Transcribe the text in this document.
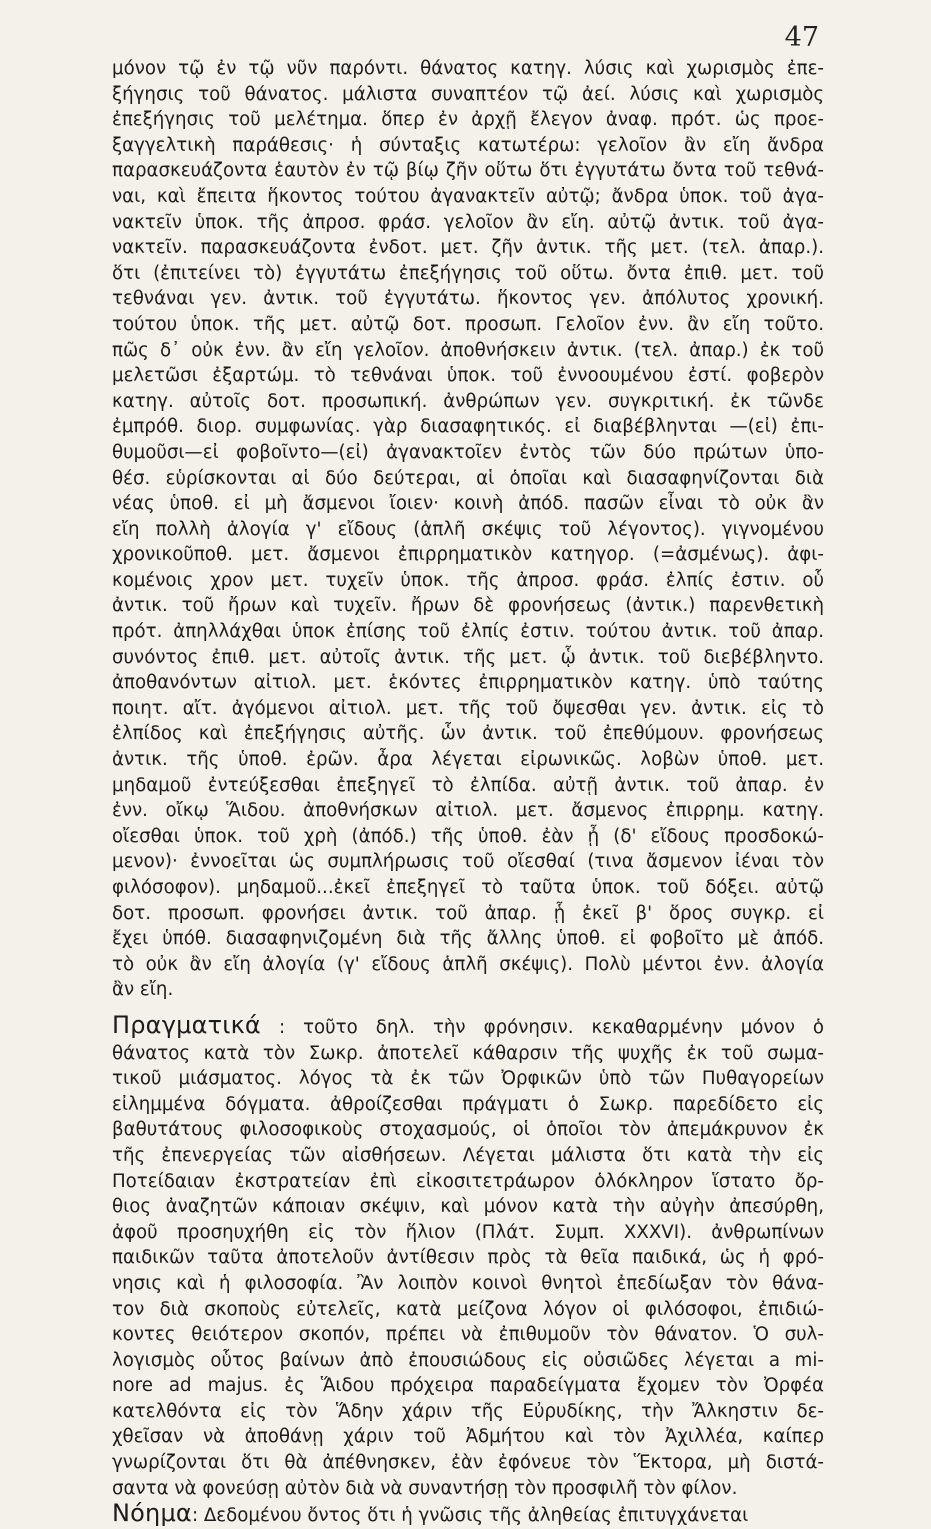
47

μόνον τῷ ἐν τῷ νῦν παρόντι. θάνατος κατηγ. λύσις καὶ χωρισμὸς ἐπε-
ξήγησις τοῦ θάνατος. μάλιστα συναπτέον τῷ ἀεί. λύσις καὶ χωρισμὸς
ἐπεξήγησις τοῦ μελέτημα. ὅπερ ἐν ἀρχῇ ἔλεγον ἀναφ. πρότ. ὡς προε-
ξαγγελτικὴ παράθεσις· ἡ σύνταξις κατωτέρω: γελοῖον ἂν εἴη ἄνδρα
παρασκευάζοντα ἑαυτὸν ἐν τῷ βίῳ ζῆν οὕτω ὅτι ἐγγυτάτω ὄντα τοῦ τεθνά-
ναι, καὶ ἔπειτα ἥκοντος τούτου ἀγανακτεῖν αὐτῷ; ἄνδρα ὑποκ. τοῦ ἀγα-
νακτεῖν ὑποκ. τῆς ἀπροσ. φράσ. γελοῖον ἂν εἴη. αὐτῷ ἀντικ. τοῦ ἀγα-
νακτεῖν. παρασκευάζοντα ἐνδοτ. μετ. ζῆν ἀντικ. τῆς μετ. (τελ. ἀπαρ.).
ὅτι (ἐπιτείνει τὸ) ἐγγυτάτω ἐπεξήγησις τοῦ οὕτω. ὄντα ἐπιθ. μετ. τοῦ
τεθνάναι γεν. ἀντικ. τοῦ ἐγγυτάτω. ἥκοντος γεν. ἀπόλυτος χρονική.
τούτου ὑποκ. τῆς μετ. αὐτῷ δοτ. προσωπ. Γελοῖον ἐνν. ἂν εἴη τοῦτο.
πῶς δ᾽ οὐκ ἐνν. ἂν εἴη γελοῖον. ἀποθνήσκειν ἀντικ. (τελ. ἀπαρ.) ἐκ τοῦ
μελετῶσι ἐξαρτώμ. τὸ τεθνάναι ὑποκ. τοῦ ἐννοουμένου ἐστί. φοβερὸν
κατηγ. αὐτοῖς δοτ. προσωπική. ἀνθρώπων γεν. συγκριτική. ἐκ τῶνδε
ἐμπρόθ. διορ. συμφωνίας. γὰρ διασαφητικός. εἰ διαβέβληνται —(εἰ) ἐπι-
θυμοῦσι—εἰ φοβοῖντο—(εἰ) ἀγανακτοῖεν ἐντὸς τῶν δύο πρώτων ὑπο-
θέσ. εὑρίσκονται αἱ δύο δεύτεραι, αἱ ὁποῖαι καὶ διασαφηνίζονται διὰ
νέας ὑποθ. εἰ μὴ ἄσμενοι ἴοιεν· κοινὴ ἀπόδ. πασῶν εἶναι τὸ οὐκ ἂν
εἴη πολλὴ ἀλογία γ' εἴδους (ἁπλῆ σκέψις τοῦ λέγοντος). γιγνομένου
χρονικοῦποθ. μετ. ἄσμενοι ἐπιρρηματικὸν κατηγορ. (=ἀσμένως). ἀφι-
κομένοις χρον μετ. τυχεῖν ὑποκ. τῆς ἀπροσ. φράσ. ἐλπίς ἐστιν. οὗ
ἀντικ. τοῦ ἤρων καὶ τυχεῖν. ἤρων δὲ φρονήσεως (ἀντικ.) παρενθετικὴ
πρότ. ἀπηλλάχθαι ὑποκ ἐπίσης τοῦ ἐλπίς ἐστιν. τούτου ἀντικ. τοῦ ἀπαρ.
συνόντος ἐπιθ. μετ. αὐτοῖς ἀντικ. τῆς μετ. ᾧ ἀντικ. τοῦ διεβέβληντο.
ἀποθανόντων αἰτιολ. μετ. ἑκόντες ἐπιρρηματικὸν κατηγ. ὑπὸ ταύτης
ποιητ. αἴτ. ἀγόμενοι αἰτιολ. μετ. τῆς τοῦ ὄψεσθαι γεν. ἀντικ. εἰς τὸ
ἐλπίδος καὶ ἐπεξήγησις αὐτῆς. ὧν ἀντικ. τοῦ ἐπεθύμουν. φρονήσεως
ἀντικ. τῆς ὑποθ. ἐρῶν. ἆρα λέγεται εἰρωνικῶς. λοβὼν ὑποθ. μετ.
μηδαμοῦ ἐντεύξεσθαι ἐπεξηγεῖ τὸ ἐλπίδα. αὐτῇ ἀντικ. τοῦ ἀπαρ. ἐν
ἐνν. οἴκῳ Ἅιδου. ἀποθνήσκων αἰτιολ. μετ. ἄσμενος ἐπιρρημ. κατηγ.
οἴεσθαι ὑποκ. τοῦ χρὴ (ἀπόδ.) τῆς ὑποθ. ἐὰν ᾖ (δ' εἴδους προσδοκώ-
μενον)· ἐννοεῖται ὡς συμπλήρωσις τοῦ οἴεσθαί (τινα ἄσμενον ἰέναι τὸν
φιλόσοφον). μηδαμοῦ...ἐκεῖ ἐπεξηγεῖ τὸ ταῦτα ὑποκ. τοῦ δόξει. αὐτῷ
δοτ. προσωπ. φρονήσει ἀντικ. τοῦ ἀπαρ. ᾗ ἐκεῖ β' ὅρος συγκρ. εἰ
ἔχει ὑπόθ. διασαφηνιζομένη διὰ τῆς ἄλλης ὑποθ. εἰ φοβοῖτο μὲ ἀπόδ.
τὸ οὐκ ἂν εἴη ἀλογία (γ' εἴδους ἁπλῆ σκέψις). Πολὺ μέντοι ἐνν. ἀλογία
ἂν εἴη.

Πραγματικά : τοῦτο δηλ. τὴν φρόνησιν. κεκαθαρμένην μόνον ὁ
θάνατος κατὰ τὸν Σωκρ. ἀποτελεῖ κάθαρσιν τῆς ψυχῆς ἐκ τοῦ σωμα-
τικοῦ μιάσματος. λόγος τὰ ἐκ τῶν Ὀρφικῶν ὑπὸ τῶν Πυθαγορείων
εἰλημμένα δόγματα. ἀθροίζεσθαι πράγματι ὁ Σωκρ. παρεδίδετο εἰς
βαθυτάτους φιλοσοφικοὺς στοχασμούς, οἱ ὁποῖοι τὸν ἀπεμάκρυνον ἐκ
τῆς ἐπενεργείας τῶν αἰσθήσεων. Λέγεται μάλιστα ὅτι κατὰ τὴν εἰς
Ποτείδαιαν ἐκστρατείαν ἐπὶ εἰκοσιτετράωρον ὁλόκληρον ἵστατο ὄρ-
θιος ἀναζητῶν κάποιαν σκέψιν, καὶ μόνον κατὰ τὴν αὐγὴν ἀπεσύρθη,
ἀφοῦ προσηυχήθη εἰς τὸν ἥλιον (Πλάτ. Συμπ. XXXVI). ἀνθρωπίνων
παιδικῶν ταῦτα ἀποτελοῦν ἀντίθεσιν πρὸς τὰ θεῖα παιδικά, ὡς ἡ φρό-
νησις καὶ ἡ φιλοσοφία. Ἂν λοιπὸν κοινοὶ θνητοὶ ἐπεδίωξαν τὸν θάνα-
τον διὰ σκοποὺς εὐτελεῖς, κατὰ μείζονα λόγον οἱ φιλόσοφοι, ἐπιδιώ-
κοντες θειότερον σκοπόν, πρέπει νὰ ἐπιθυμοῦν τὸν θάνατον. Ὁ συλ-
λογισμὸς οὗτος βαίνων ἀπὸ ἐπουσιώδους εἰς οὐσιῶδες λέγεται a mi-
nore ad majus. ἐς Ἅιδου πρόχειρα παραδείγματα ἔχομεν τὸν Ὀρφέα
κατελθόντα εἰς τὸν Ἅδην χάριν τῆς Εὐρυδίκης, τὴν Ἄλκηστιν δε-
χθεῖσαν νὰ ἀποθάνῃ χάριν τοῦ Ἀδμήτου καὶ τὸν Ἀχιλλέα, καίπερ
γνωρίζονται ὅτι θὰ ἀπέθνησκεν, ἐὰν ἐφόνευε τὸν Ἕκτορα, μὴ διστά-
σαντα νὰ φονεύσῃ αὐτὸν διὰ νὰ συναντήσῃ τὸν προσφιλῆ τὸν φίλον.

Νόημα: Δεδομένου ὄντος ὅτι ἡ γνῶσις τῆς ἀληθείας ἐπιτυγχάνεται
